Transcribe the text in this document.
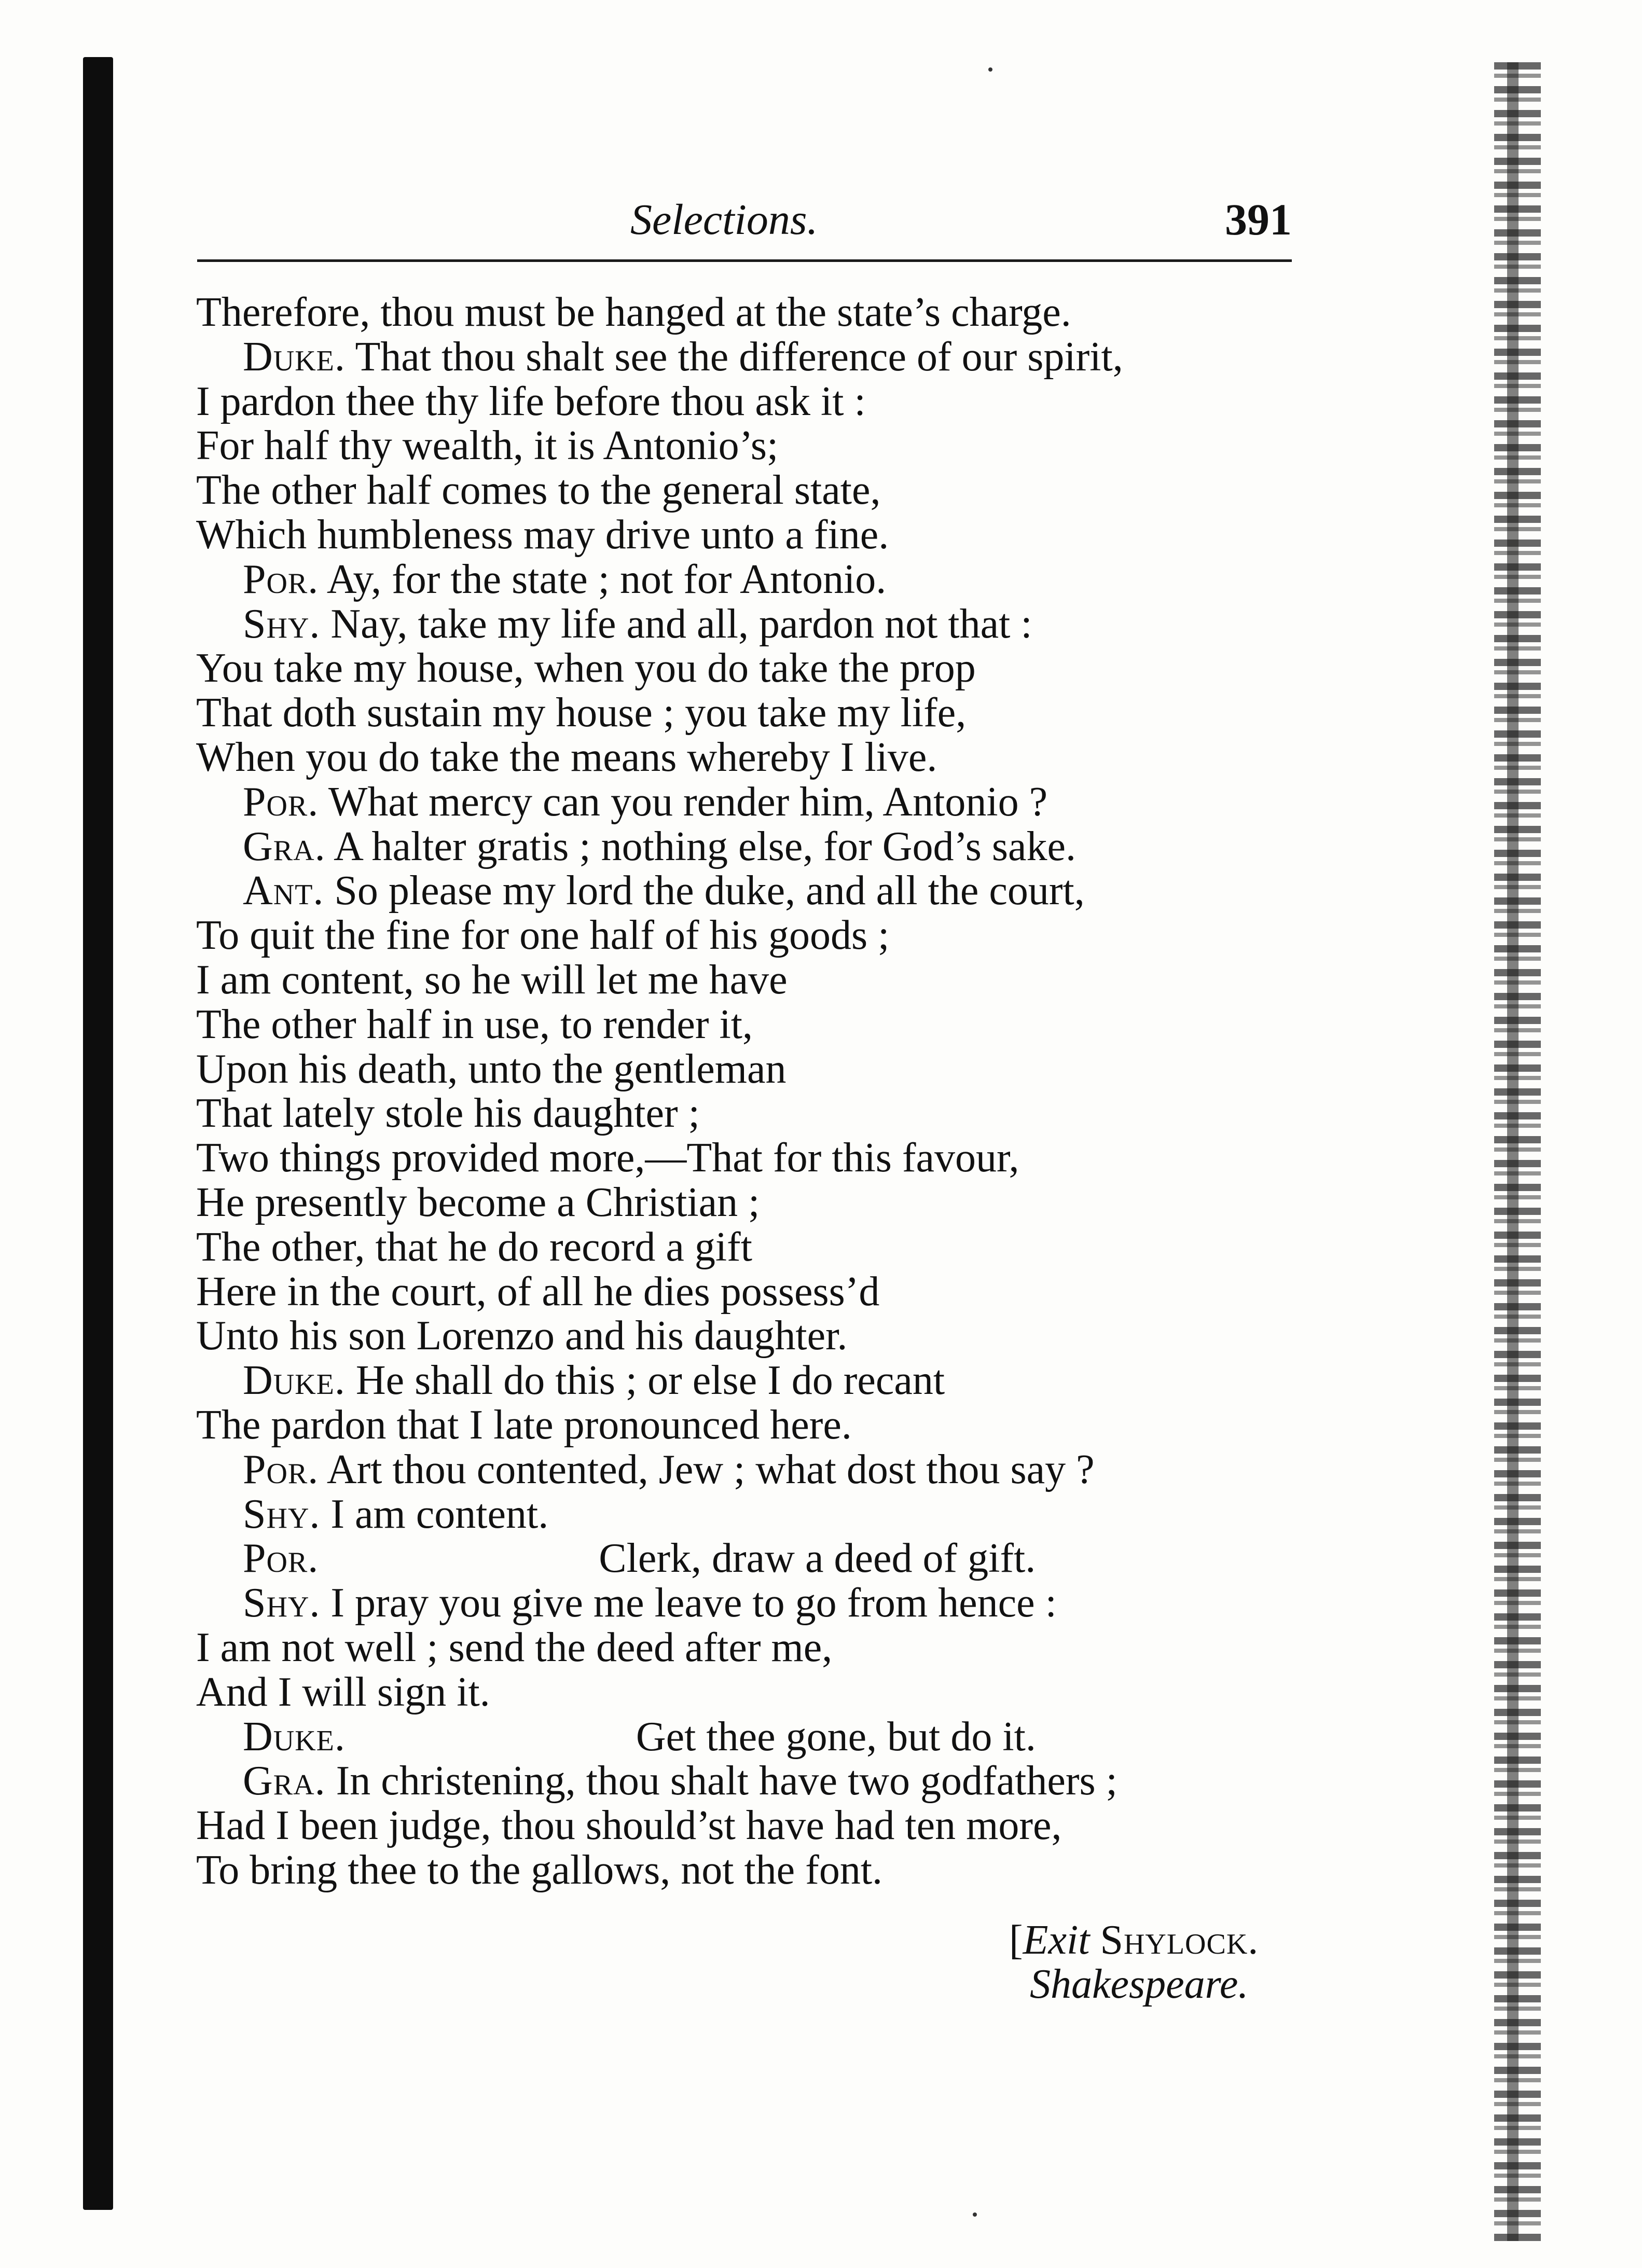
Selections.	391
Therefore, thou must be hanged at the state’s charge.
Duke. That thou shalt see the difference of our spirit,
I pardon thee thy life before thou ask it :
For half thy wealth, it is Antonio’s;
The other half comes to the general state,
Which humbleness may drive unto a fine.
Por. Ay, for the state ; not for Antonio.
Shy. Nay, take my life and all, pardon not that :
You take my house, when you do take the prop
That doth sustain my house ; you take my life,
When you do take the means whereby I live.
Por. What mercy can you render him, Antonio ?
Gra. A halter gratis ; nothing else, for God’s sake.
Ant. So please my lord the duke, and all the court,
To quit the fine for one half of his goods ;
I am content, so he will let me have
The other half in use, to render it,
Upon his death, unto the gentleman
That lately stole his daughter ;
Two things provided more,—That for this favour,
He presently become a Christian ;
The other, that he do record a gift
Here in the court, of all he dies possess’d
Unto his son Lorenzo and his daughter.
Duke. He shall do this ; or else I do recant
The pardon that I late pronounced here.
Por. Art thou contented, Jew ; what dost thou say ?
Shy. I am content.
Por.	Clerk, draw a deed of gift.
Shy. I pray you give me leave to go from hence :
I am not well ; send the deed after me,
And I will sign it.
Duke.	Get thee gone, but do it.
Gra. In christening, thou shalt have two godfathers ;
Had I been judge, thou should’st have had ten more,
To bring thee to the gallows, not the font.
[Exit Shylock.
Shakespeare.
